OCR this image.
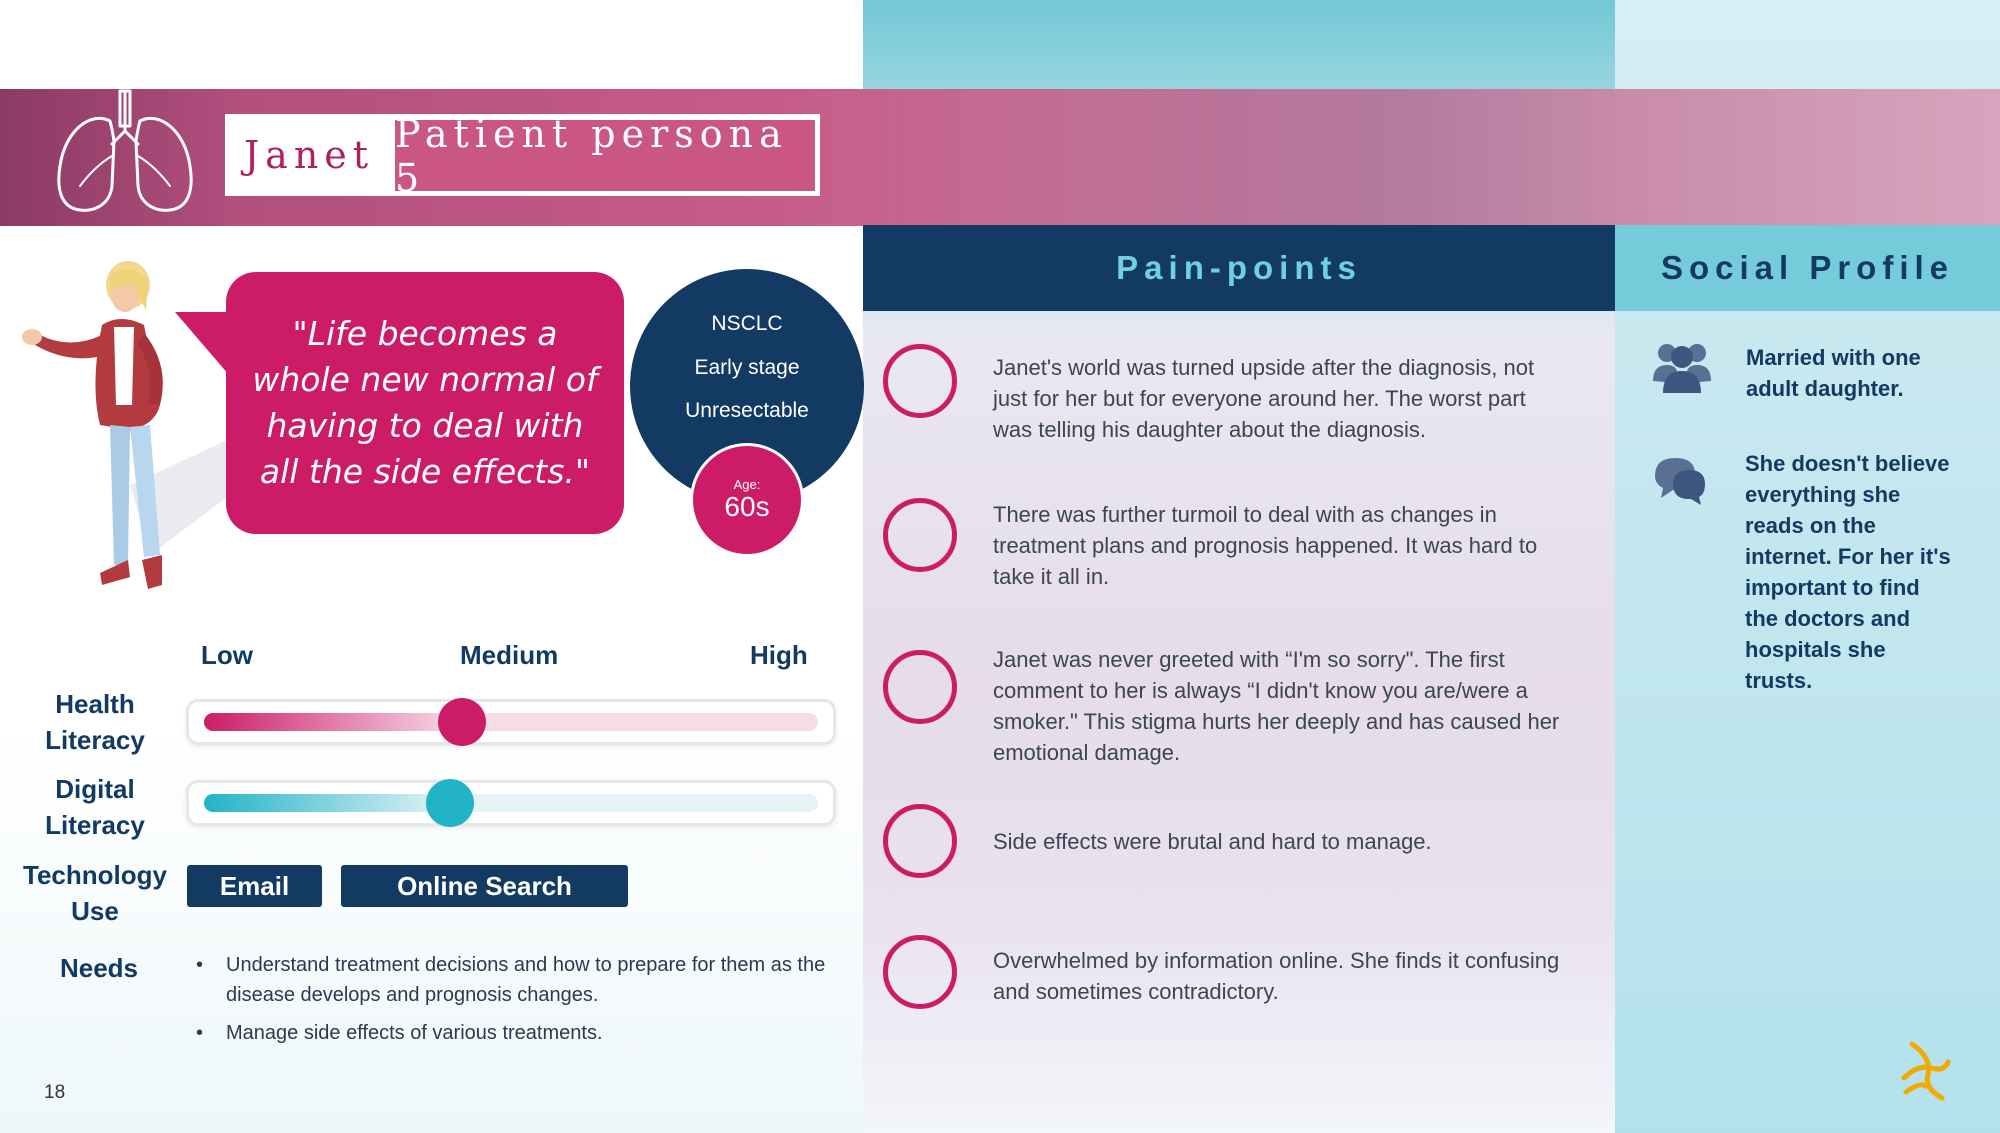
Janet Patient persona 5
Pain-points	Social Profile
"Life becomes a whole new normal of having to deal with all the side effects."
NSCLC
Early stage
Unresectable
Age:
60s
Low	Medium	High
Health
Literacy
Digital
Literacy
Technology
Use
Email	Online Search
Needs
•	Understand treatment decisions and how to prepare for them as the disease develops and prognosis changes.
• Manage side effects of various treatments.
18
Janet's world was turned upside after the diagnosis, not just for her but for everyone around her. The worst part was telling his daughter about the diagnosis.
There was further turmoil to deal with as changes in treatment plans and prognosis happened. It was hard to take it all in.
Janet was never greeted with “I'm so sorry". The first comment to her is always “I didn't know you are/were a smoker." This stigma hurts her deeply and has caused her emotional damage.
Side effects were brutal and hard to manage.
Overwhelmed by information online. She finds it confusing and sometimes contradictory.
Married with one adult daughter.
She doesn't believe everything she reads on the internet. For her it's important to find the doctors and hospitals she trusts.
